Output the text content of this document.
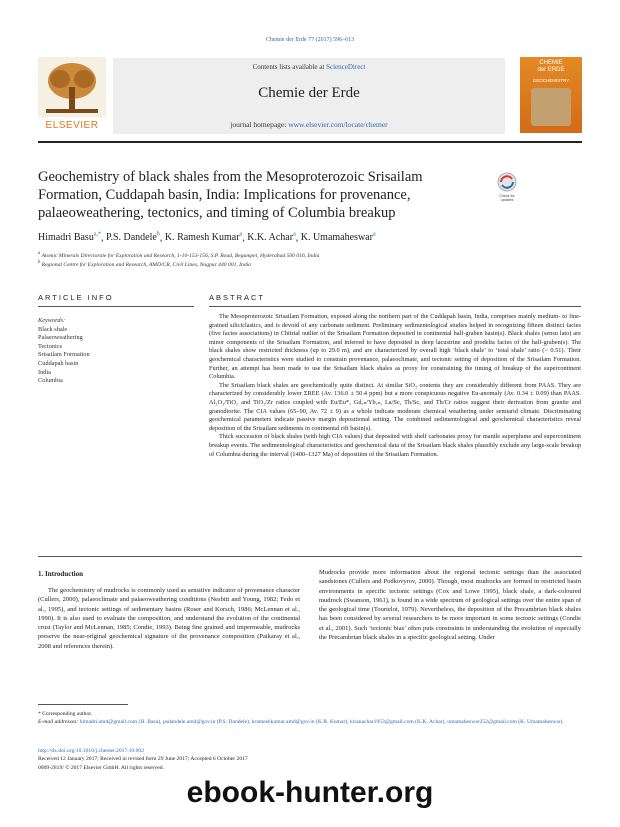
Chemie der Erde 77 (2017) 596–613
ELSEVIER
Contents lists available at ScienceDirect
Chemie der Erde
journal homepage: www.elsevier.com/locate/chemer
CHEMIE
der ERDE
GEOCHEMISTRY
Geochemistry of black shales from the Mesoproterozoic Srisailam Formation, Cuddapah basin, India: Implications for provenance, palaeoweathering, tectonics, and timing of Columbia breakup
Check for
updates
Himadri Basu$^{a,*}$, P.S. Dandele$^b$, K. Ramesh Kumar$^a$, K.K. Achar$^a$, K. Umamaheswar$^a$
$^a$ Atomic Minerals Directorate for Exploration and Research, 1-10-153-156, S.P. Road, Begumpet, Hyderabad 500 016, India
$^b$ Regional Centre for Exploration and Research, AMD/CR, Civil Lines, Nagpur 440 001, India
ARTICLE INFO
Keywords:
Black shale
Palaeoweathering
Tectonics
Srisailam Formation
Cuddapah basin
India
Columbia
ABSTRACT

The Mesoproterozoic Srisailam Formation, exposed along the northern part of the Cuddapah basin, India, comprises mainly medium- to fine-grained siliciclastics, and is devoid of any carbonate sediment. Preliminary sedimentological studies helped in recognizing fifteen distinct facies (five facies associations) in Chitrial outlier of the Srisailam Formation deposited in continental half-graben basin(s). Black shales (sensu lato) are minor components of the Srisailam Formation, and inferred to have deposited in deep lacustrine and prodelta facies of the half-graben(s). The black shales show restricted thickness (up to 29.0 m), and are characterized by overall high ‘black shale’ to ‘total shale’ ratio (> 0.51). Their geochemical characteristics were studied to constrain provenance, palaeoclimate, and tectonic setting of deposition of the Srisailam Formation. Further, an attempt has been made to use the Srisailam black shales as proxy for constraining the timing of breakup of the supercontinent Columbia.

The Srisailam black shales are geochemically quite distinct. At similar SiO₂ contents they are considerably different from PAAS. They are characterized by considerably lower ΣREE (Av. 136.0 ± 50.4 ppm) but a more conspicuous negative Eu-anomaly (Av. 0.34 ± 0.09) than PAAS. Al₂O₃/TiO₂ and TiO₂/Zr ratios coupled with Eu/Eu*, Gd꜀ₙ/Yb꜀ₙ, La/Sc, Th/Sc, and Th/Cr ratios suggest their derivation from granite and granodiorite. The CIA values (65–90, Av. 72 ± 9) as a whole indicate moderate chemical weathering under semiarid climate. Discriminating geochemical parameters indicate passive margin depositional setting. The combined sedimentological and geochemical characteristics reveal deposition of the Srisailam sediments in continental rift basin(s).

Thick succession of black shales (with high CIA values) that deposited with shelf carbonates proxy for mantle superplume and supercontinent breakup events. The sedimentological characteristics and geochemical data of the Srisailam black shales plausibly exclude any large-scale breakup of Columbia during the interval (1400–1327 Ma) of deposition of the Srisailam Formation.

1. Introduction

The geochemistry of mudrocks is commonly used as sensitive indicator of provenance character (Cullers, 2000), palaeoclimate and palaeoweathering conditions (Nesbitt and Young, 1982; Fedo et al., 1995), and tectonic settings of sedimentary basins (Roser and Korsch, 1986; McLennan et al., 1990). It is also used to evaluate the composition, and understand the evolution of the continental crust (Taylor and McLennan, 1985; Condie, 1993). Being fine grained and impermeable, mudrocks preserve the near-original geochemical signature of the provenance composition (Paikaray et al., 2008 and references therein).

Mudrocks provide more information about the regional tectonic settings than the associated sandstones (Cullers and Podkovyrov, 2000). Though, most mudrocks are formed in restricted basin environments in specific tectonic settings (Cox and Lowe 1995), black shale, a dark-coloured mudrock (Swanson, 1961), is found in a wide spectrum of geological settings over the entire span of the geological time (Tourtelot, 1979). Nevertheless, the deposition of the Precambrian black shales has been considered by several researchers to be more important in some tectonic settings (Condie et al., 2001). Such ‘tectonic bias’ often puts constraints in understanding the evolution of especially the Precambrian black shales in a specific geological setting. Under

* Corresponding author.
E-mail addresses: himadri.amd@gmail.com (H. Basu), psdandele.amd@gov.in (P.S. Dandele), krameshkumar.amd@gov.in (K.R. Kumar), kiranachar1953@gmail.com (K.K. Achar), umamaheswar252@gmail.com (K. Umamaheswar).
http://dx.doi.org/10.1016/j.chemer.2017.10.002
Received 12 January 2017; Received in revised form 29 June 2017; Accepted 6 October 2017
0009-2819/ © 2017 Elsevier GmbH. All rights reserved.
ebook-hunter.org
